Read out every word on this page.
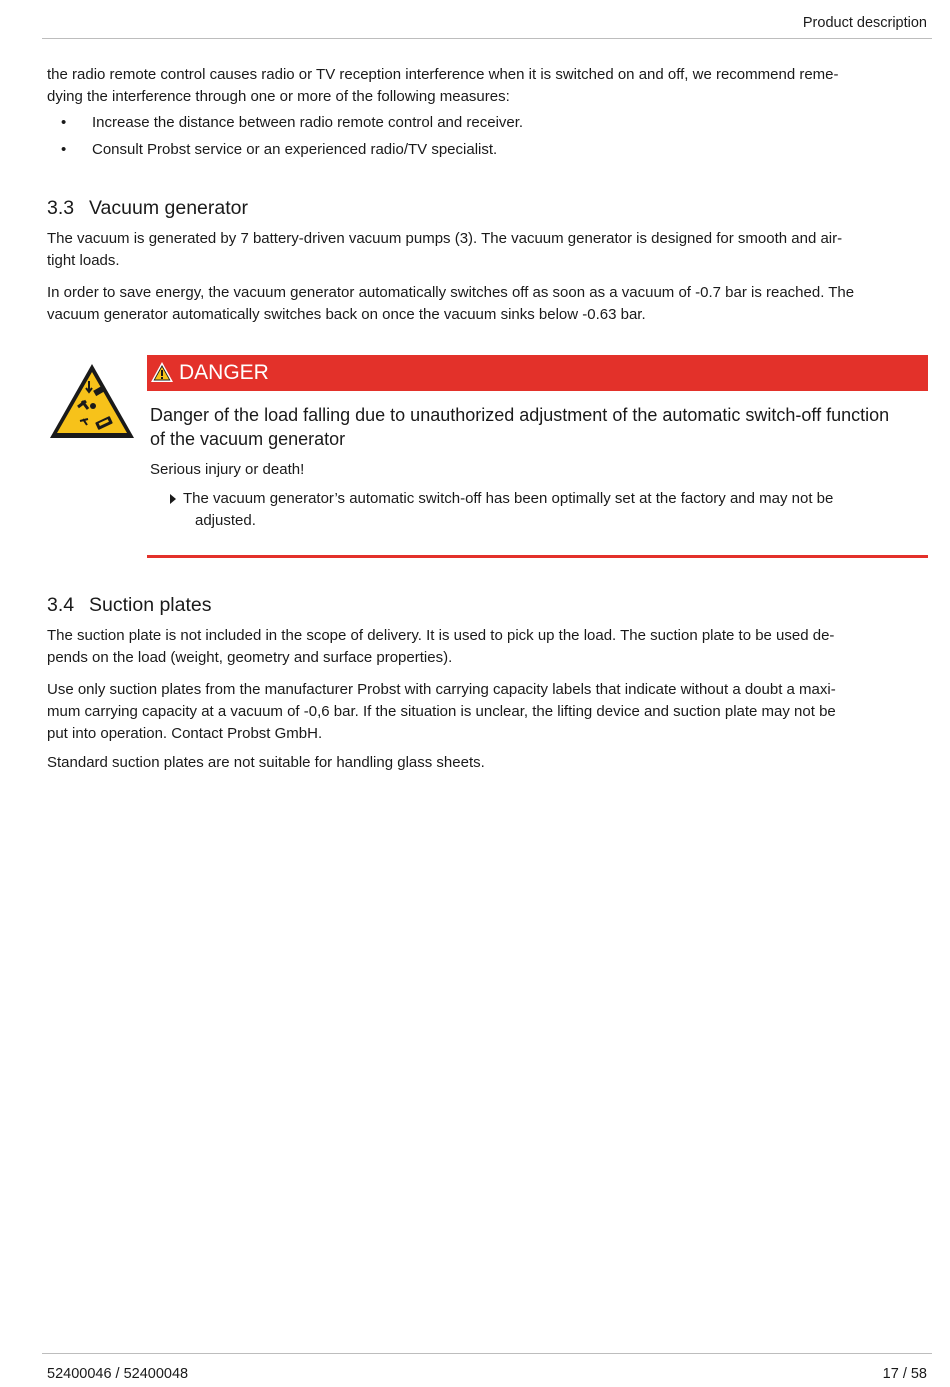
Product description

the radio remote control causes radio or TV reception interference when it is switched on and off, we recommend reme-

dying the interference through one or more of the following measures:

• Increase the distance between radio remote control and receiver.
• Consult Probst service or an experienced radio/TV specialist.
3.3 Vacuum generator

The vacuum is generated by 7 battery-driven vacuum pumps (3). The vacuum generator is designed for smooth and air-

tight loads.

In order to save energy, the vacuum generator automatically switches off as soon as a vacuum of -0.7 bar is reached. The

vacuum generator automatically switches back on once the vacuum sinks below -0.63 bar.

DANGER

Danger of the load falling due to unauthorized adjustment of the automatic switch-off function

of the vacuum generator

Serious injury or death!
The vacuum generator’s automatic switch-off has been optimally set at the factory and may not be
adjusted.
3.4 Suction plates

The suction plate is not included in the scope of delivery. It is used to pick up the load. The suction plate to be used de-

pends on the load (weight, geometry and surface properties).

Use only suction plates from the manufacturer Probst with carrying capacity labels that indicate without a doubt a maxi-

mum carrying capacity at a vacuum of -0,6 bar. If the situation is unclear, the lifting device and suction plate may not be

put into operation. Contact Probst GmbH.

Standard suction plates are not suitable for handling glass sheets.
52400046 / 52400048	17 / 58
